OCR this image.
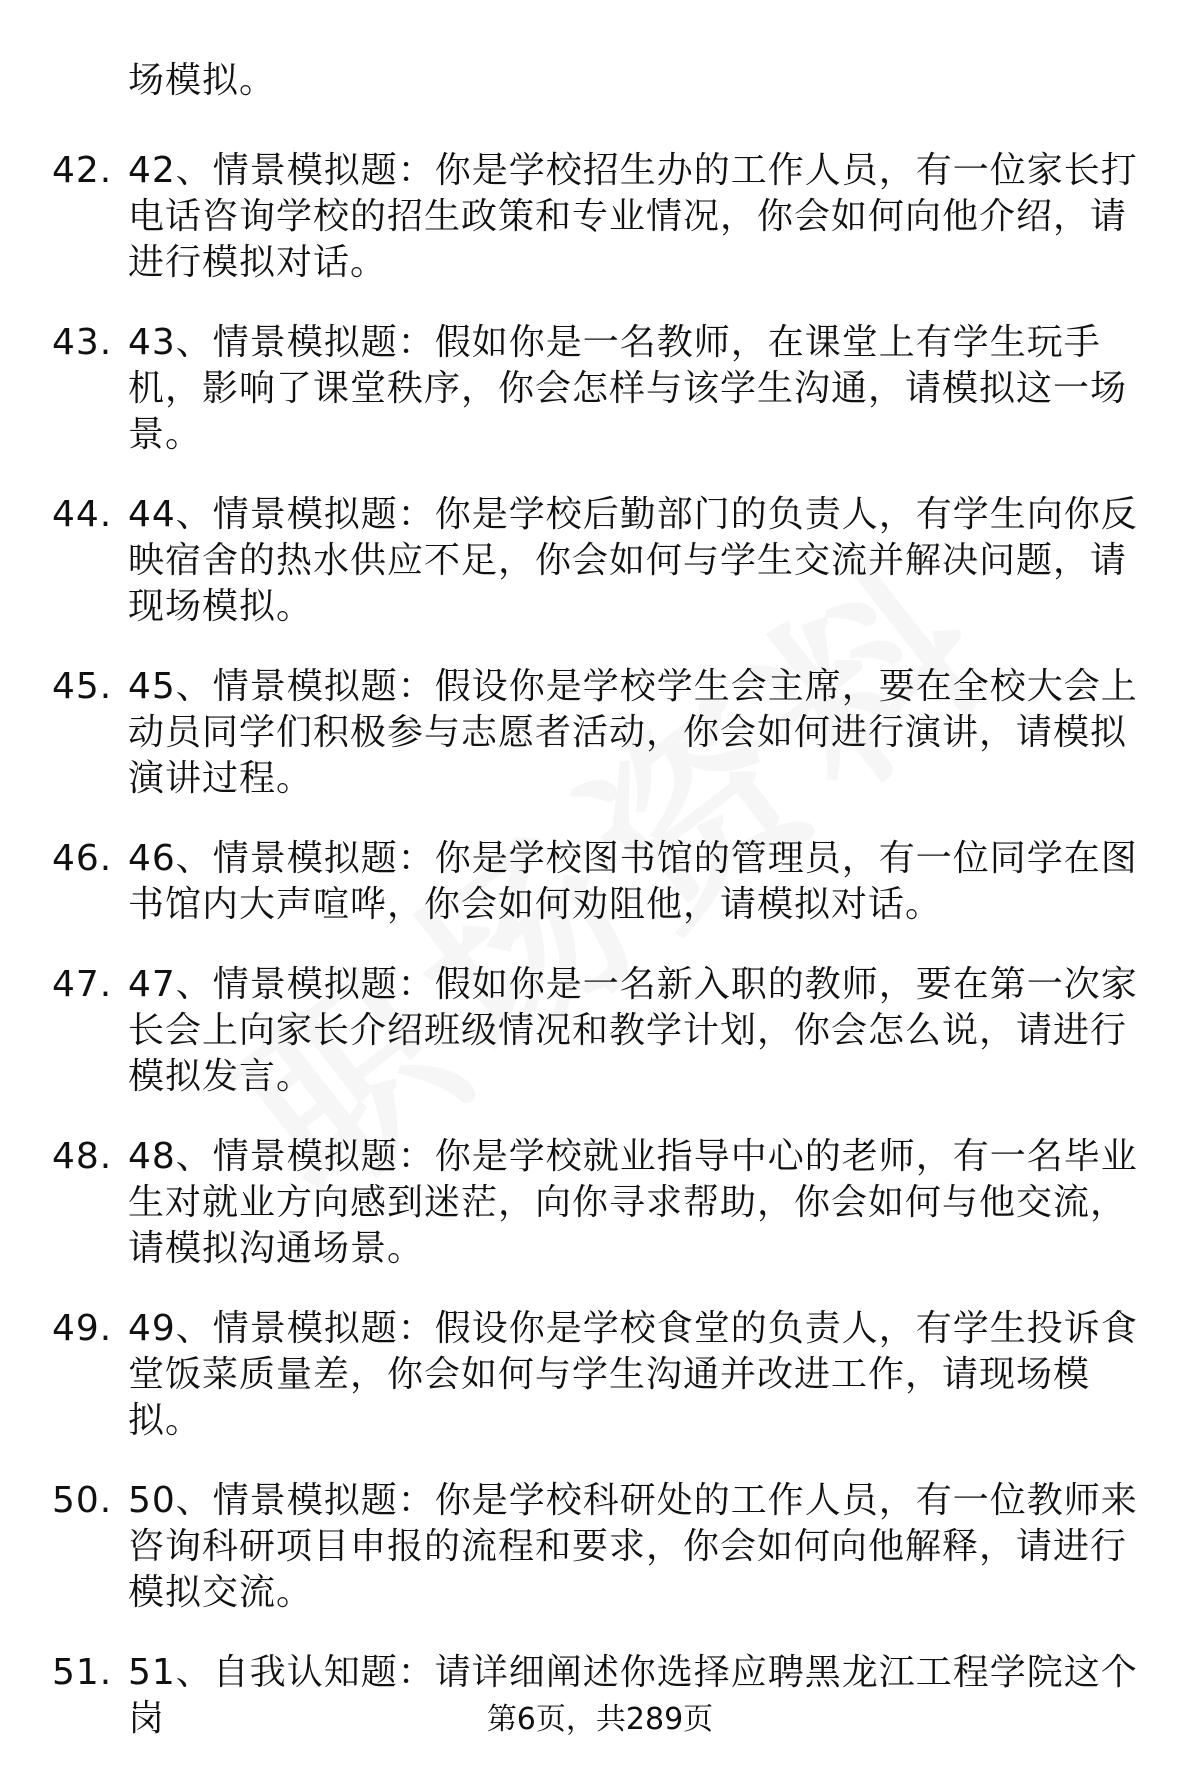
场模拟。
42. 42、情景模拟题：你是学校招生办的工作人员，有一位家长打电话咨询学校的招生政策和专业情况，你会如何向他介绍，请进行模拟对话。
43. 43、情景模拟题：假如你是一名教师，在课堂上有学生玩手机，影响了课堂秩序，你会怎样与该学生沟通，请模拟这一场景。
44. 44、情景模拟题：你是学校后勤部门的负责人，有学生向你反映宿舍的热水供应不足，你会如何与学生交流并解决问题，请现场模拟。
45. 45、情景模拟题：假设你是学校学生会主席，要在全校大会上动员同学们积极参与志愿者活动，你会如何进行演讲，请模拟演讲过程。
46. 46、情景模拟题：你是学校图书馆的管理员，有一位同学在图书馆内大声喧哗，你会如何劝阻他，请模拟对话。
47. 47、情景模拟题：假如你是一名新入职的教师，要在第一次家长会上向家长介绍班级情况和教学计划，你会怎么说，请进行模拟发言。
48. 48、情景模拟题：你是学校就业指导中心的老师，有一名毕业生对就业方向感到迷茫，向你寻求帮助，你会如何与他交流，请模拟沟通场景。
49. 49、情景模拟题：假设你是学校食堂的负责人，有学生投诉食堂饭菜质量差，你会如何与学生沟通并改进工作，请现场模拟。
50. 50、情景模拟题：你是学校科研处的工作人员，有一位教师来咨询科研项目申报的流程和要求，你会如何向他解释，请进行模拟交流。
51. 51、自我认知题：请详细阐述你选择应聘黑龙江工程学院这个岗	第6页，共289页
